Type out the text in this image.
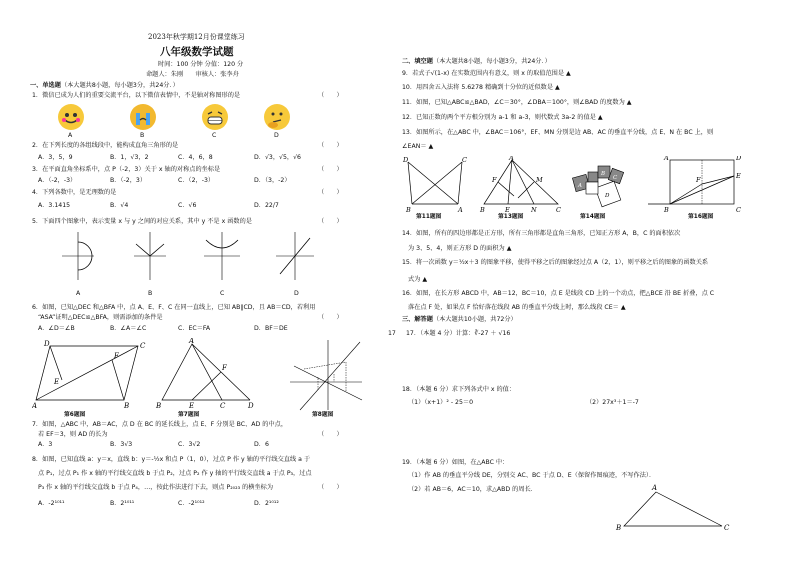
2023年秋学期12月份课堂练习
八年级数学试题
时间：100 分钟 分值：120 分
命题人：朱刚　　审核人：张李舟
一、单选题（本大题共8小题，每小题3分，共24分．）
1．微信已成为人们的重要交流平台，以下微信表情中，不是轴对称图形的是	（　　）
A	B	C	D
2．在下列长度的各组线段中，能构成直角三角形的是	（　　）
A．3，5，9	B．1，√3，2	C．4，6，8	D．√3，√5，√6
3．在平面直角坐标系中，点 P（-2，3）关于 x 轴的对称点的坐标是	（　　）
A．（-2，-3）	B．（-2，3）	C．（2，-3）	D．（3，-2）
4．下列各数中，是无理数的是	（　　）
A．3.1415	B．√4	C．√6	D．22/7
5．下面四个图象中，表示变量 x 与 y 之间的对应关系，其中 y 不是 x 函数的是	（　　）
A	B	C	D
6．如图，已知△DEC 和△BFA 中，点 A、E、F、C 在同一直线上，已知 AB∥CD，且 AB＝CD，若利用
“ASA”证明△DEC≌△BFA，则需添加的条件是	（　　）
A．∠D＝∠B	B．∠A＝∠C	C．EC＝FA	D．BF＝DE
D	C
F
E
A	B
A
F
B	E	C	D
第6题图	第7题图	第8题图
7．如图，△ABC 中，AB＝AC，点 D 在 BC 的延长线上，点 E、F 分别是 BC、AD 的中点，
若 EF＝3，则 AD 的长为	（　　）
A．3	B．3√3	C．3√2	D．6
8．如图，已知直线 a：y＝x，直线 b：y＝-½x 和点 P（1，0），过点 P 作 y 轴的平行线交直线 a 于
点 P₁，过点 P₁ 作 x 轴的平行线交直线 b 于点 P₂，过点 P₂ 作 y 轴的平行线交直线 a 于点 P₃，过点
P₃ 作 x 轴的平行线交直线 b 于点 P₄，…，按此作法进行下去，则点 P₂₀₂₃ 的横坐标为	（　　）
A．-2¹⁰¹¹	B．2¹⁰¹¹	C．-2¹⁰¹²	D．2¹⁰¹²
二、填空题（本大题共8小题，每小题3分，共24分．）
9．若式子√(1-x) 在实数范围内有意义，则 x 的取值范围是 ▲
10．用四舍五入法将 5.6278 精确到十分位的近似数是 ▲
11．如图，已知△ABC≌△BAD，∠C＝30°，∠DBA＝100°，则∠BAD 的度数为 ▲
12．已知正数的两个平方根分别为 a-1 和 a-3，则代数式 3a-2 的值是 ▲
13．如图所示，在△ABC 中，∠BAC＝106°，EF、MN 分别是边 AB、AC 的垂直平分线，点 E、N 在 BC 上，则
∠EAN＝ ▲
D	C
B	A
A
F	M
B	E	N	C
A
B
C
D
A	D
F	E
B	C
第11题图	第13题图	第14题图	第16题图
14．如图，所有的四边形都是正方形，所有三角形都是直角三角形，已知正方形 A，B，C 的面积依次
为 3、5、4，则正方形 D 的面积为 ▲
15．将一次函数 y＝½x＋3 的图象平移，使得平移之后的图象经过点 A（2，1），则平移之后的图象的函数关系
式为 ▲
16．如图，在长方形 ABCD 中，AB＝12，BC＝10，点 E 是线段 CD 上的一个动点，把△BCE 沿 BE 折叠，点 C
落在点 F 处，如果点 F 恰好落在线段 AB 的垂直平分线上时，那么线段 CE＝ ▲
三、解答题（本大题共10小题，共72分）
17 17．（本题 4 分）计算：∛-27 ＋ √16
18．（本题 6 分）求下列各式中 x 的值：
（1）（x+1）² - 25＝0	（2）27x³＋1＝-7
19．（本题 6 分）如图，在△ABC 中：
（1）作 AB 的垂直平分线 DE，分别交 AC、BC 于点 D、E（保留作图痕迹，不写作法）．
（2）若 AB＝6，AC＝10，求△ABD 的周长．	A
B	C
